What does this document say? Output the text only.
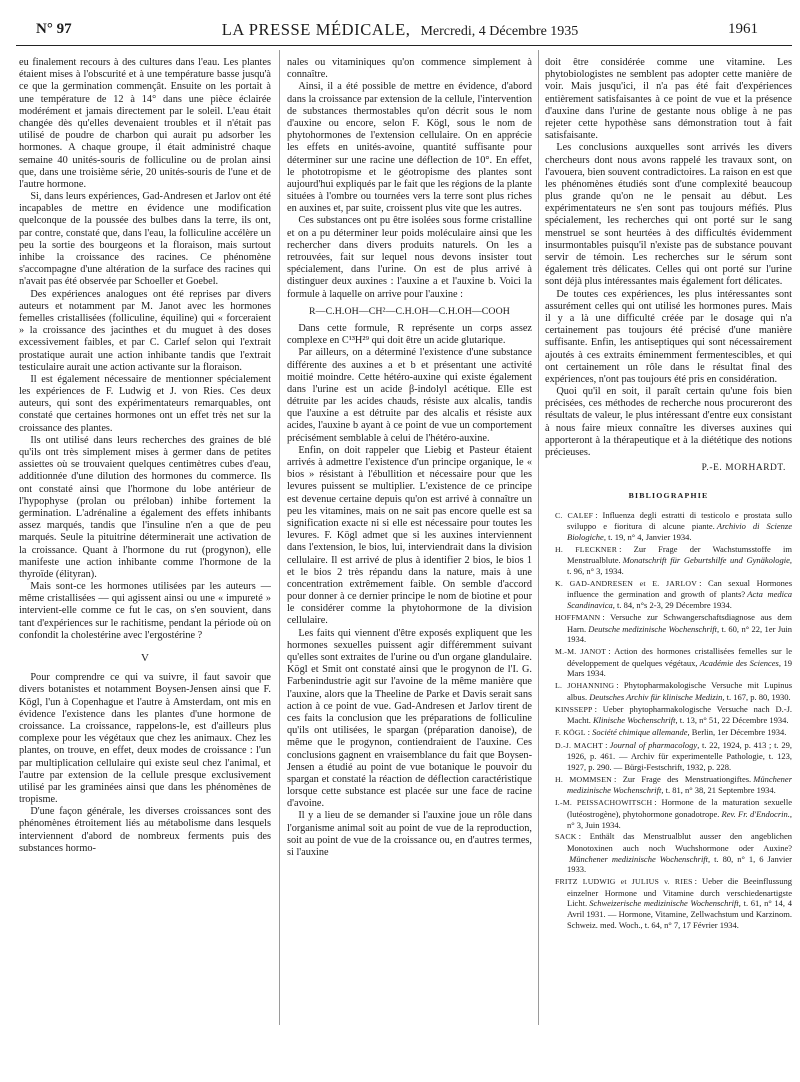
N° 97	LA PRESSE MÉDICALE, Mercredi, 4 Décembre 1935	1961

eu finalement recours à des cultures dans l'eau. Les plantes étaient mises à l'obscurité et à une température basse jusqu'à ce que la germination commençât. Ensuite on les portait à une température de 12 à 14° dans une pièce éclairée modérément et jamais directement par le soleil. L'eau était changée dès qu'elles devenaient troubles et il n'était pas utilisé de poudre de charbon qui aurait pu adsorber les hormones. A chaque groupe, il était administré chaque semaine 40 unités-souris de folliculine ou de prolan ainsi que, dans une troisième série, 20 unités-souris de l'une et de l'autre hormone.

Si, dans leurs expériences, Gad-Andresen et Jarlov ont été incapables de mettre en évidence une modification quelconque de la poussée des bulbes dans la terre, ils ont, par contre, constaté que, dans l'eau, la folliculine accélère un peu la sortie des bourgeons et la floraison, mais surtout inhibe la croissance des racines. Ce phénomène s'accompagne d'une altération de la surface des racines qui n'avait pas été observée par Schoeller et Goebel.

Des expériences analogues ont été reprises par divers auteurs et notamment par M. Janot avec les hormones femelles cristallisées (folliculine, équiline) qui « forceraient » la croissance des jacinthes et du muguet à des doses excessivement faibles, et par C. Carlef selon qui l'extrait prostatique aurait une action inhibante tandis que l'extrait testiculaire aurait une action activante sur la floraison.

Il est également nécessaire de mentionner spécialement les expériences de F. Ludwig et J. von Ries. Ces deux auteurs, qui sont des expérimentateurs remarquables, ont constaté que certaines hormones ont un effet très net sur la croissance des plantes.

Ils ont utilisé dans leurs recherches des graines de blé qu'ils ont très simplement mises à germer dans de petites assiettes où se trouvaient quelques centimètres cubes d'eau, additionnée d'une dilution des hormones du commerce. Ils ont constaté ainsi que l'hormone du lobe antérieur de l'hypophyse (prolan ou préloban) inhibe fortement la germination. L'adrénaline a également des effets inhibants assez marqués, tandis que l'insuline n'en a que de peu marqués. Seule la pituitrine déterminerait une activation de la croissance. Quant à l'hormone du rut (progynon), elle manifeste une action inhibante comme l'hormone de la thyroïde (élityran).

Mais sont-ce les hormones utilisées par les auteurs — même cristallisées — qui agissent ainsi ou une « impureté » intervient-elle comme ce fut le cas, on s'en souvient, dans tant d'expériences sur le rachitisme, pendant la période où on confondit la cholestérine avec l'ergostérine ?

V

Pour comprendre ce qui va suivre, il faut savoir que divers botanistes et notamment Boysen-Jensen ainsi que F. Kögl, l'un à Copenhague et l'autre à Amsterdam, ont mis en évidence l'existence dans les plantes d'une hormone de croissance. La croissance, rappelons-le, est d'ailleurs plus complexe pour les végétaux que chez les animaux. Chez les plantes, on trouve, en effet, deux modes de croissance : l'un par multiplication cellulaire qui existe seul chez l'animal, et l'autre par extension de la cellule presque exclusivement utilisé par les graminées ainsi que dans les phénomènes de tropisme.

D'une façon générale, les diverses croissances sont des phénomènes étroitement liés au métabolisme dans lesquels interviennent d'abord de nombreux ferments puis des substances hormo-

nales ou vitaminiques qu'on commence simplement à connaître.

Ainsi, il a été possible de mettre en évidence, d'abord dans la croissance par extension de la cellule, l'intervention de substances thermostables qu'on décrit sous le nom d'auxine ou encore, selon F. Kögl, sous le nom de phytohormones de l'extension cellulaire. On en apprécie les effets en unités-avoine, quantité suffisante pour déterminer sur une racine une déflection de 10°. En effet, le phototropisme et le géotropisme des plantes sont aujourd'hui expliqués par le fait que les régions de la plante situées à l'ombre ou tournées vers la terre sont plus riches en auxines et, par suite, croissent plus vite que les autres.

Ces substances ont pu être isolées sous forme cristalline et on a pu déterminer leur poids moléculaire ainsi que les rechercher dans divers produits naturels. On les a retrouvées, fait sur lequel nous devons insister tout spécialement, dans l'urine. On est de plus arrivé à distinguer deux auxines : l'auxine a et l'auxine b. Voici la formule à laquelle on arrive pour l'auxine :

R—C.H.OH—CH²—C.H.OH—C.H.OH—COOH

Dans cette formule, R représente un corps assez complexe en C¹³H²⁹ qui doit être un acide glutarique.

Par ailleurs, on a déterminé l'existence d'une substance différente des auxines a et b et présentant une activité moitié moindre. Cette hétéro-auxine qui existe également dans l'urine est un acide β-indolyl acétique. Elle est détruite par les acides chauds, résiste aux alcalis, tandis que l'auxine a est détruite par des alcalis et résiste aux acides, l'auxine b ayant à ce point de vue un comportement précisément semblable à celui de l'hétéro-auxine.

Enfin, on doit rappeler que Liebig et Pasteur étaient arrivés à admettre l'existence d'un principe organique, le « bios » résistant à l'ébullition et nécessaire pour que les levures puissent se multiplier. L'existence de ce principe est devenue certaine depuis qu'on est arrivé à connaître un peu les vitamines, mais on ne sait pas encore quelle est sa signification exacte ni si elle est nécessaire pour toutes les levures. F. Kögl admet que si les auxines interviennent dans l'extension, le bios, lui, interviendrait dans la division cellulaire. Il est arrivé de plus à identifier 2 bios, le bios 1 et le bios 2 très répandu dans la nature, mais à une concentration extrêmement faible. On semble d'accord pour donner à ce dernier principe le nom de biotine et pour le considérer comme la phytohormone de la division cellulaire.

Les faits qui viennent d'être exposés expliquent que les hormones sexuelles puissent agir différemment suivant qu'elles sont extraites de l'urine ou d'un organe glandulaire. Kögl et Smit ont constaté ainsi que le progynon de l'I. G. Farbenindustrie agit sur l'avoine de la même manière que l'auxine, alors que la Theeline de Parke et Davis serait sans action à ce point de vue. Gad-Andresen et Jarlov tirent de ces faits la conclusion que les préparations de folliculine qu'ils ont utilisées, le spargan (préparation danoise), de même que le progynon, contiendraient de l'auxine. Ces conclusions gagnent en vraisemblance du fait que Boysen-Jensen a étudié au point de vue botanique le pouvoir du spargan et constaté la réaction de déflection caractéristique lorsque cette substance est placée sur une face de racine d'avoine.

Il y a lieu de se demander si l'auxine joue un rôle dans l'organisme animal soit au point de vue de la reproduction, soit au point de vue de la croissance ou, en d'autres termes, si l'auxine

doit être considérée comme une vitamine. Les phytobiologistes ne semblent pas adopter cette manière de voir. Mais jusqu'ici, il n'a pas été fait d'expériences entièrement satisfaisantes à ce point de vue et la présence d'auxine dans l'urine de gestante nous oblige à ne pas rejeter cette hypothèse sans démonstration tout à fait satisfaisante.

Les conclusions auxquelles sont arrivés les divers chercheurs dont nous avons rappelé les travaux sont, on l'avouera, bien souvent contradictoires. La raison en est que les phénomènes étudiés sont d'une complexité beaucoup plus grande qu'on ne le pensait au début. Les expérimentateurs ne s'en sont pas toujours méfiés. Plus spécialement, les recherches qui ont porté sur le sang menstruel se sont heurtées à des difficultés évidemment insurmontables puisqu'il n'existe pas de substance pouvant servir de témoin. Les recherches sur le sérum sont également très délicates. Celles qui ont porté sur l'urine sont déjà plus intéressantes mais également fort délicates.

De toutes ces expériences, les plus intéressantes sont assurément celles qui ont utilisé les hormones pures. Mais il y a là une difficulté créée par le dosage qui n'a certainement pas toujours été précisé d'une manière suffisante. Enfin, les antiseptiques qui sont nécessairement ajoutés à ces extraits éminemment fermentescibles, et qui ont certainement un rôle dans le résultat final des expériences, n'ont pas toujours été pris en considération.

Quoi qu'il en soit, il paraît certain qu'une fois bien précisées, ces méthodes de recherche nous procureront des résultats de valeur, le plus intéressant d'entre eux consistant à nous faire mieux connaître les diverses auxines qui apporteront à la thérapeutique et à la diététique des notions précieuses.

P.-E. MORHARDT.

BIBLIOGRAPHIE

C. CALEF : Influenza degli estratti di testicolo e prostata sullo sviluppo e fioritura di alcune piante. Archivio di Scienze Biologiche, t. 19, n° 4, Janvier 1934.

H. FLECKNER : Zur Frage der Wachstumsstoffe im Menstrualblute. Monatschrift für Geburtshilfe und Gynäkologie, t. 96, n° 3, 1934.

K. GAD-ANDRESEN et E. JARLOV : Can sexual Hormones influence the germination and growth of plants? Acta medica Scandinavica, t. 84, n°s 2-3, 29 Décembre 1934.

HOFFMANN : Versuche zur Schwangerschaftsdiagnose aus dem Harn. Deutsche medizinische Wochenschrift, t. 60, n° 22, 1er Juin 1934.

M.-M. JANOT : Action des hormones cristallisées femelles sur le développement de quelques végétaux, Académie des Sciences, 19 Mars 1934.

L. JOHANNING : Phytopharmakologische Versuche mit Lupinus albus. Deutsches Archiv für klinische Medizin, t. 167, p. 80, 1930.

KINSSEPP : Ueber phytopharmakologische Versuche nach D.-J. Macht. Klinische Wochenschrift, t. 13, n° 51, 22 Décembre 1934.

F. KÖGL : Société chimique allemande, Berlin, 1er Décembre 1934.

D.-J. MACHT : Journal of pharmacology, t. 22, 1924, p. 413 ; t. 29, 1926, p. 461. — Archiv für experimentelle Pathologie, t. 123, 1927, p. 290. — Bürgi-Festschrift, 1932, p. 228.

H. MOMMSEN : Zur Frage des Menstruationgiftes. Münchener medizinische Wochenschrift, t. 81, n° 38, 21 Septembre 1934.

I.-M. PEISSACHOWITSCH : Hormone de la maturation sexuelle (lutéostrogène), phytohormone gonadotrope. Rev. Fr. d'Endocrin., n° 3, Juin 1934.

SACK : Enthält das Menstrualblut ausser den angeblichen Monotoxinen auch noch Wuchshormone oder Auxine?Münchener medizinische Wochenschrift, t. 80, n° 1, 6 Janvier 1933.

FRITZ LUDWIG et JULIUS v. RIES : Ueber die Beeinflussung einzelner Hormone und Vitamine durch verschiedenartigste Licht. Schweizerische medizinische Wochenschrift, t. 61, n° 14, 4 Avril 1931. — Hormone, Vitamine, Zellwachstum und Karzinom. Schweiz. med. Woch., t. 64, n° 7, 17 Février 1934.
